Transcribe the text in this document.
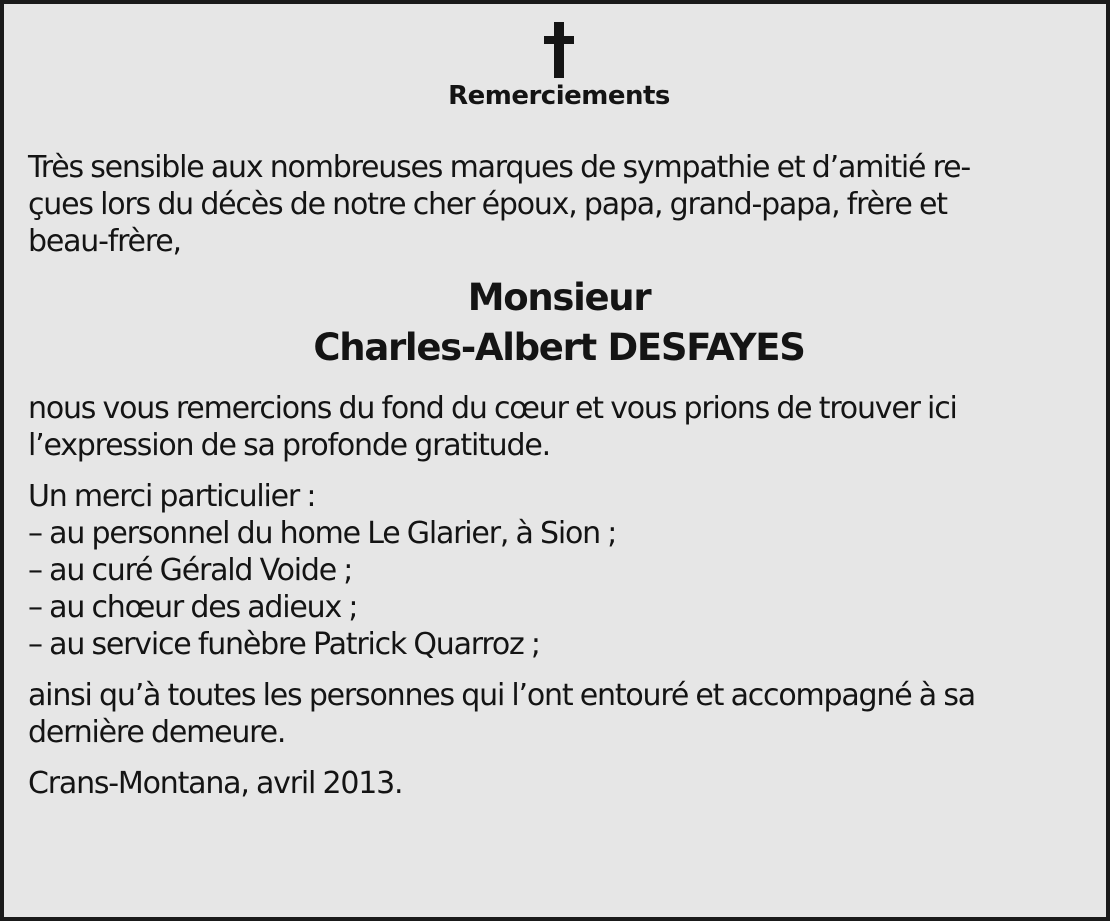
Remerciements
Très sensible aux nombreuses marques de sympathie et d’amitié re-
çues lors du décès de notre cher époux, papa, grand-papa, frère et
beau-frère,
Monsieur
Charles-Albert DESFAYES
nous vous remercions du fond du cœur et vous prions de trouver ici
l’expression de sa profonde gratitude.
Un merci particulier :
– au personnel du home Le Glarier, à Sion ;
– au curé Gérald Voide ;
– au chœur des adieux ;
– au service funèbre Patrick Quarroz ;
ainsi qu’à toutes les personnes qui l’ont entouré et accompagné à sa
dernière demeure.
Crans-Montana, avril 2013.
